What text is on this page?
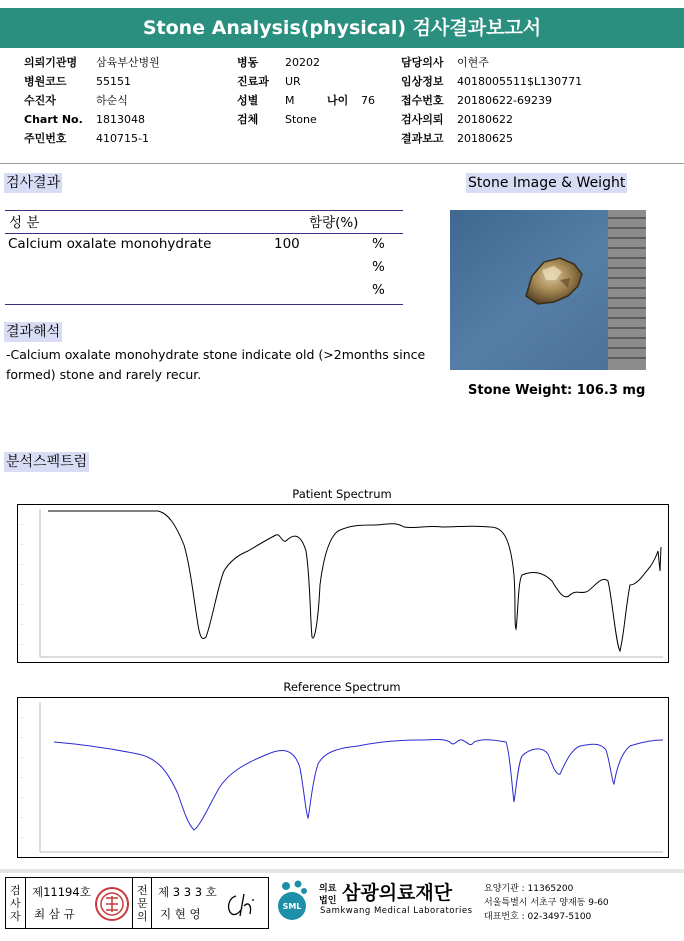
Stone Analysis(physical) 검사결과보고서
의뢰기관명 삼육부산병원
병원코드	55151
수진자	하순식
Chart No. 1813048
주민번호	410715-1
병동 20202
진료과 UR
성별 M	나이 76
검체 Stone
담당의사 이현주
임상정보 4018005511$L130771
접수번호 20180622-69239
검사의뢰 20180622
결과보고 20180625
검사결과	Stone Image & Weight
성 분	함량(%)
Calcium oxalate monohydrate	100	%
%
%
결과해석
-Calcium oxalate monohydrate stone indicate old (>2months since formed) stone and rarely recur.
Stone Weight: 106.3 mg
분석스펙트럼
Patient Spectrum
---
---
---
---
---
---
---
Reference Spectrum
---
---
---
---
---
---
---
검사자
제11194호
최 삼 규
전문의
제 3 3 3 호
지 현 영
SML
의료
법인 삼광의료재단
Samkwang Medical Laboratories
요양기관 : 11365200
서울특별시 서초구 양재동 9-60
대표번호 : 02-3497-5100
